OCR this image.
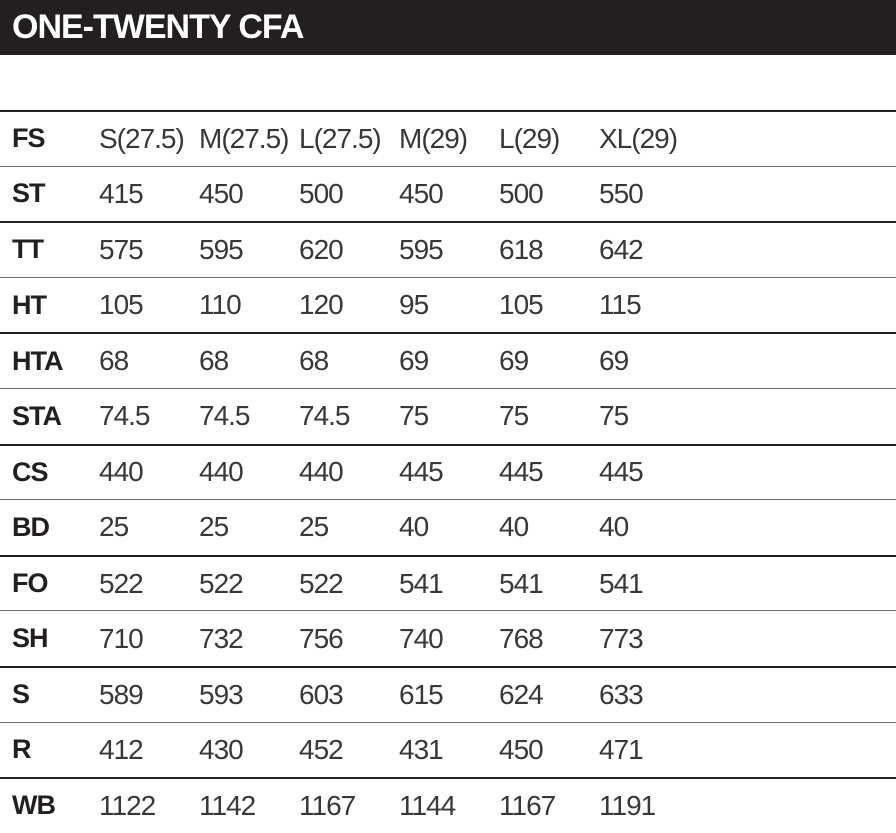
ONE-TWENTY CFA
FS S(27.5) M(27.5) L(27.5) M(29) L(29) XL(29)
ST 415 450 500 450 500 550
TT 575 595 620 595 618 642
HT 105 110 120 95	105 115
HTA 68	68	68	69	69	69
STA 74.5 74.5 74.5 75	75	75
CS 440 440 440 445 445 445
BD 25	25	25	40	40	40
FO 522 522 522 541 541 541
SH 710 732 756 740 768 773
S 589 593 603 615 624 633
R 412 430 452 431 450 471
WB 1122 1142 1167 1144 1167 1191
